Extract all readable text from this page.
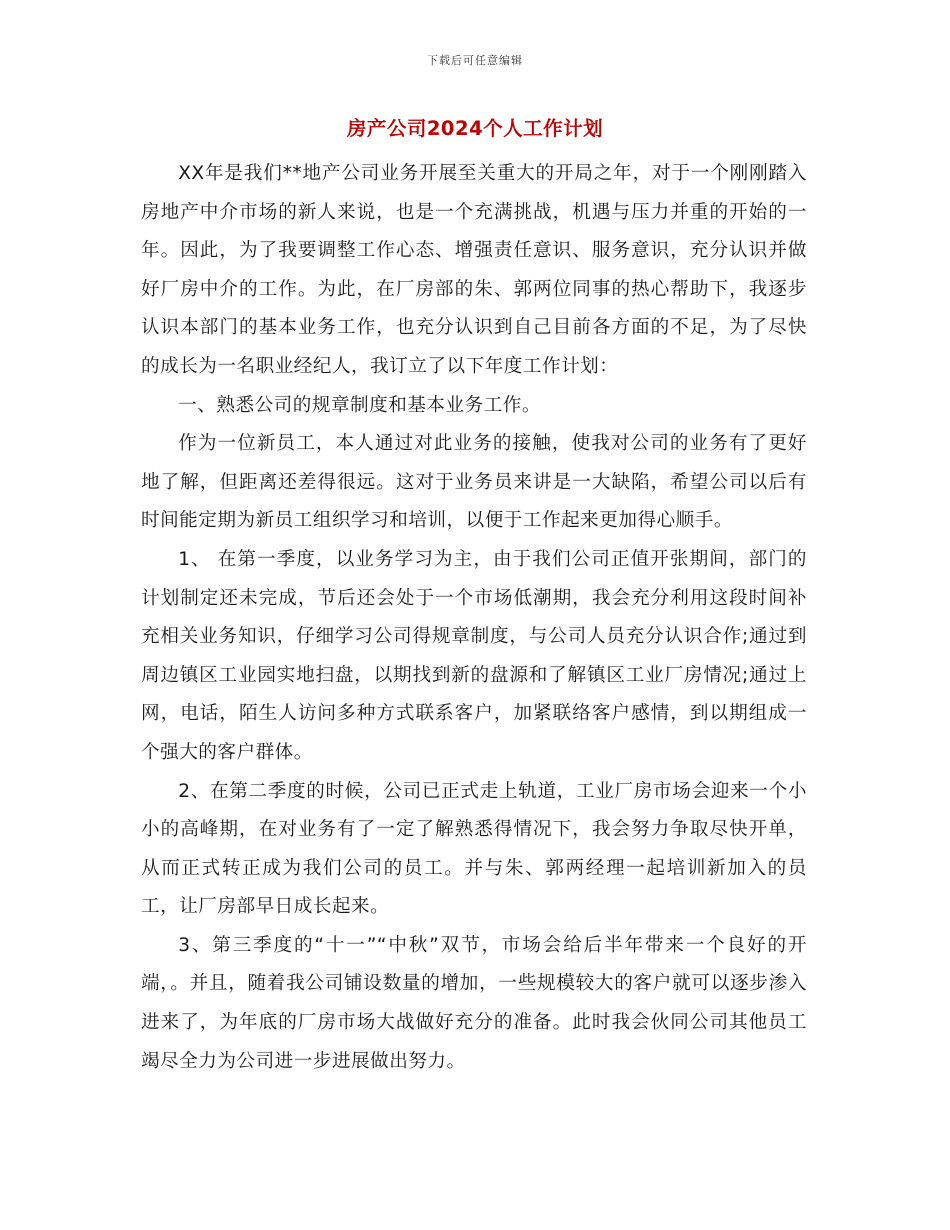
下载后可任意编辑
房产公司2024个人工作计划

XX年是我们**地产公司业务开展至关重大的开局之年，对于一个刚刚踏入房地产中介市场的新人来说，也是一个充满挑战，机遇与压力并重的开始的一年。因此，为了我要调整工作心态、增强责任意识、服务意识，充分认识并做好厂房中介的工作。为此，在厂房部的朱、郭两位同事的热心帮助下，我逐步认识本部门的基本业务工作，也充分认识到自己目前各方面的不足，为了尽快的成长为一名职业经纪人，我订立了以下年度工作计划：

一、熟悉公司的规章制度和基本业务工作。

作为一位新员工，本人通过对此业务的接触，使我对公司的业务有了更好地了解，但距离还差得很远。这对于业务员来讲是一大缺陷，希望公司以后有时间能定期为新员工组织学习和培训，以便于工作起来更加得心顺手。

1、 在第一季度，以业务学习为主，由于我们公司正值开张期间，部门的计划制定还未完成，节后还会处于一个市场低潮期，我会充分利用这段时间补充相关业务知识，仔细学习公司得规章制度，与公司人员充分认识合作;通过到周边镇区工业园实地扫盘，以期找到新的盘源和了解镇区工业厂房情况;通过上网，电话，陌生人访问多种方式联系客户，加紧联络客户感情，到以期组成一个强大的客户群体。

2、在第二季度的时候，公司已正式走上轨道，工业厂房市场会迎来一个小小的高峰期，在对业务有了一定了解熟悉得情况下，我会努力争取尽快开单，从而正式转正成为我们公司的员工。并与朱、郭两经理一起培训新加入的员工，让厂房部早日成长起来。

3、第三季度的“十一”“中秋”双节，市场会给后半年带来一个良好的开端，。并且，随着我公司铺设数量的增加，一些规模较大的客户就可以逐步渗入进来了，为年底的厂房市场大战做好充分的准备。此时我会伙同公司其他员工竭尽全力为公司进一步进展做出努力。
